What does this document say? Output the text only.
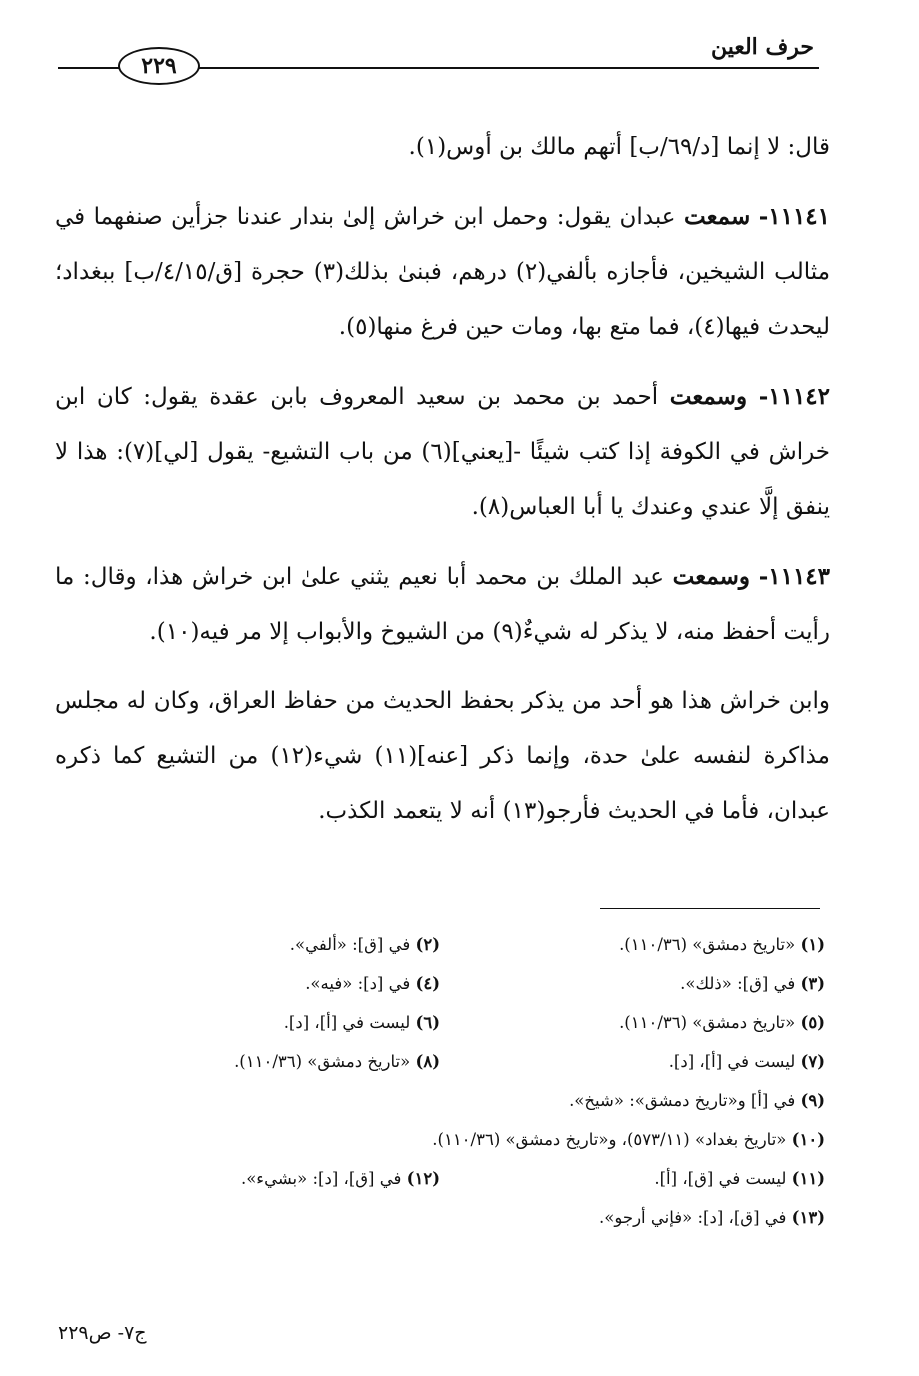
حرف العين
٢٢٩

قال: لا إنما [د/٦٩/ب] أتهم مالك بن أوس(١).

١١١٤١- سمعت عبدان يقول: وحمل ابن خراش إلىٰ بندار عندنا جزأين صنفهما في مثالب الشيخين، فأجازه بألفي(٢) درهم، فبنىٰ بذلك(٣) حجرة [ق/٤/١٥/ب] ببغداد؛ ليحدث فيها(٤)، فما متع بها، ومات حين فرغ منها(٥).

١١١٤٢- وسمعت أحمد بن محمد بن سعيد المعروف بابن عقدة يقول: كان ابن خراش في الكوفة إذا كتب شيئًا -[يعني](٦) من باب التشيع- يقول [لي](٧): هذا لا ينفق إلَّا عندي وعندك يا أبا العباس(٨).

١١١٤٣- وسمعت عبد الملك بن محمد أبا نعيم يثني علىٰ ابن خراش هذا، وقال: ما رأيت أحفظ منه، لا يذكر له شيءٌ(٩) من الشيوخ والأبواب إلا مر فيه(١٠).

وابن خراش هذا هو أحد من يذكر بحفظ الحديث من حفاظ العراق، وكان له مجلس مذاكرة لنفسه علىٰ حدة، وإنما ذكر [عنه](١١) شيء(١٢) من التشيع كما ذكره عبدان، فأما في الحديث فأرجو(١٣) أنه لا يتعمد الكذب.

(١) «تاريخ دمشق» (١١٠/٣٦).
(٢) في [ق]: «ألفي».
(٣) في [ق]: «ذلك».
(٤) في [د]: «فيه».
(٥) «تاريخ دمشق» (١١٠/٣٦).
(٦) ليست في [أ]، [د].
(٧) ليست في [أ]، [د].
(٨) «تاريخ دمشق» (١١٠/٣٦).
(٩) في [أ] و«تاريخ دمشق»: «شيخ».
(١٠) «تاريخ بغداد» (٥٧٣/١١)، و«تاريخ دمشق» (١١٠/٣٦).
(١١) ليست في [ق]، [أ].
(١٢) في [ق]، [د]: «بشيء».
(١٣) في [ق]، [د]: «فإني أرجو».
ج٧- ص٢٢٩
